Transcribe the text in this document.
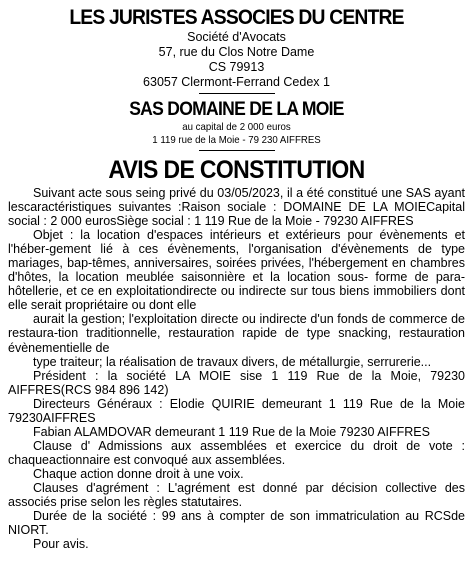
LES JURISTES ASSOCIES DU CENTRE
Société d'Avocats
57, rue du Clos Notre Dame
CS 79913
63057 Clermont-Ferrand Cedex 1
SAS DOMAINE DE LA MOIE
au capital de 2 000 euros
1 119 rue de la Moie - 79 230 AIFFRES
AVIS DE CONSTITUTION

Suivant acte sous seing privé du 03/05/2023, il a été constitué une SAS ayant lescaractéristiques suivantes :Raison sociale : DOMAINE DE LA MOIECapital social : 2 000 eurosSiège social : 1 119 Rue de la Moie - 79230 AIFFRES

Objet : la location d'espaces intérieurs et extérieurs pour évènements et l'héber-gement lié à ces évènements, l'organisation d'évènements de type mariages, bap-têmes, anniversaires, soirées privées, l'hébergement en chambres d'hôtes, la location meublée saisonnière et la location sous- forme de para-hôtellerie, et ce en exploitationdirecte ou indirecte sur tous biens immobiliers dont elle serait propriétaire ou dont elle

aurait la gestion; l'exploitation directe ou indirecte d'un fonds de commerce de restaura-tion traditionnelle, restauration rapide de type snacking, restauration évènementielle de

type traiteur; la réalisation de travaux divers, de métallurgie, serrurerie...

Président : la société LA MOIE sise 1 119 Rue de la Moie, 79230 AIFFRES(RCS 984 896 142)

Directeurs Généraux : Elodie QUIRIE demeurant 1 119 Rue de la Moie 79230AIFFRES

Fabian ALAMDOVAR demeurant 1 119 Rue de la Moie 79230 AIFFRES

Clause d' Admissions aux assemblées et exercice du droit de vote : chaqueactionnaire est convoqué aux assemblées.

Chaque action donne droit à une voix.

Clauses d'agrément : L'agrément est donné par décision collective des associés prise selon les règles statutaires.

Durée de la société : 99 ans à compter de son immatriculation au RCSde NIORT.

Pour avis.
